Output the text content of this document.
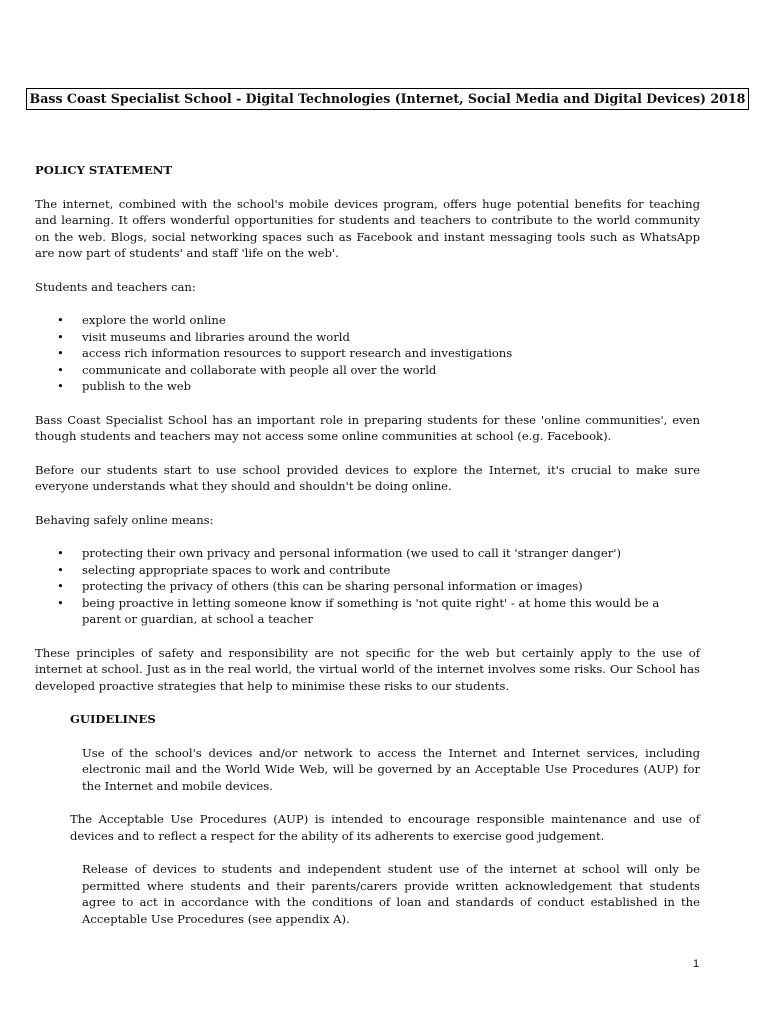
Bass Coast Specialist School - Digital Technologies (Internet, Social Media and Digital Devices) 2018

POLICY STATEMENT

The internet, combined with the school's mobile devices program, offers huge potential benefits for teaching and learning. It offers wonderful opportunities for students and teachers to contribute to the world community on the web. Blogs, social networking spaces such as Facebook and instant messaging tools such as WhatsApp are now part of students' and staff 'life on the web'.

Students and teachers can:

• explore the world online
• visit museums and libraries around the world
• access rich information resources to support research and investigations
• communicate and collaborate with people all over the world
• publish to the web

Bass Coast Specialist School has an important role in preparing students for these 'online communities', even though students and teachers may not access some online communities at school (e.g. Facebook).

Before our students start to use school provided devices to explore the Internet, it's crucial to make sure everyone understands what they should and shouldn't be doing online.

Behaving safely online means:

• protecting their own privacy and personal information (we used to call it 'stranger danger')
• selecting appropriate spaces to work and contribute
• protecting the privacy of others (this can be sharing personal information or images)
• being proactive in letting someone know if something is 'not quite right' - at home this would be a parent or guardian, at school a teacher

These principles of safety and responsibility are not specific for the web but certainly apply to the use of internet at school. Just as in the real world, the virtual world of the internet involves some risks. Our School has developed proactive strategies that help to minimise these risks to our students.

GUIDELINES

Use of the school's devices and/or network to access the Internet and Internet services, including electronic mail and the World Wide Web, will be governed by an Acceptable Use Procedures (AUP) for the Internet and mobile devices.

The Acceptable Use Procedures (AUP) is intended to encourage responsible maintenance and use of devices and to reflect a respect for the ability of its adherents to exercise good judgement.

Release of devices to students and independent student use of the internet at school will only be permitted where students and their parents/carers provide written acknowledgement that students agree to act in accordance with the conditions of loan and standards of conduct established in the Acceptable Use Procedures (see appendix A).

1
